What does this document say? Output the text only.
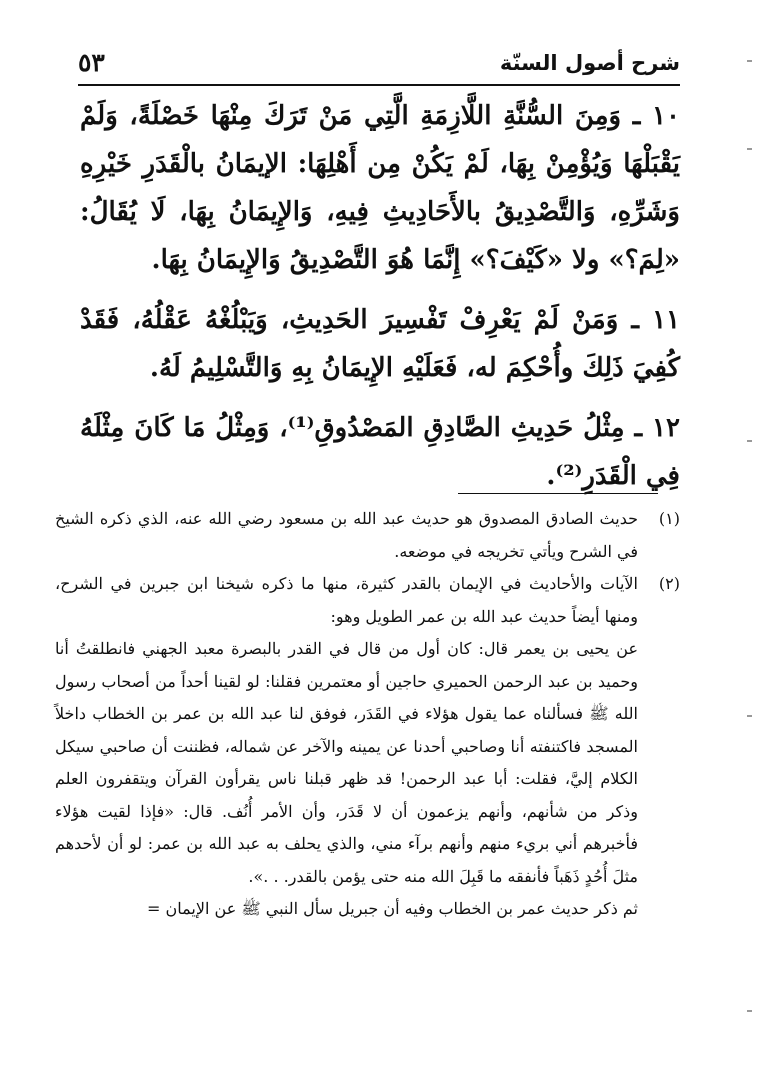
شرح أصول السنّة
٥٣

١٠ ـ وَمِنَ السُّنَّةِ اللَّازِمَةِ الَّتِي مَنْ تَرَكَ مِنْهَا خَصْلَةً، وَلَمْ يَقْبَلْهَا وَيُؤْمِنْ بِهَا، لَمْ يَكُنْ مِن أَهْلِهَا: الإيمَانُ بالْقَدَرِ خَيْرِهِ وَشَرِّهِ، وَالتَّصْدِيقُ بالأَحَادِيثِ فِيهِ، وَالإِيمَانُ بِهَا، لَا يُقَالُ: «لِمَ؟» ولا «كَيْفَ؟» إِنَّمَا هُوَ التَّصْدِيقُ وَالإِيمَانُ بِهَا.

١١ ـ وَمَنْ لَمْ يَعْرِفْ تَفْسِيرَ الحَدِيثِ، وَيَبْلُغْهُ عَقْلُهُ، فَقَدْ كُفِيَ ذَلِكَ وأُحْكِمَ له، فَعَلَيْهِ الإِيمَانُ بِهِ وَالتَّسْلِيمُ لَهُ.

١٢ ـ مِثْلُ حَدِيثِ الصَّادِقِ المَصْدُوقِ⁽¹⁾، وَمِثْلُ مَا كَانَ مِثْلَهُ فِي الْقَدَرِ⁽²⁾.

(١)

حديث الصادق المصدوق هو حديث عبد الله بن مسعود رضي الله عنه، الذي ذكره الشيخ في الشرح ويأتي تخريجه في موضعه.

(٢)

الآيات والأحاديث في الإيمان بالقدر كثيرة، منها ما ذكره شيخنا ابن جبرين في الشرح، ومنها أيضاً حديث عبد الله بن عمر الطويل وهو:

عن يحيى بن يعمر قال: كان أول من قال في القدر بالبصرة معبد الجهني فانطلقتُ أنا وحميد بن عبد الرحمن الحميري حاجين أو معتمرين فقلنا: لو لقينا أحداً من أصحاب رسول الله ﷺ فسألناه عما يقول هؤلاء في القَدَر، فوفق لنا عبد الله بن عمر بن الخطاب داخلاً المسجد فاكتنفته أنا وصاحبي أحدنا عن يمينه والآخر عن شماله، فظننت أن صاحبي سيكل الكلام إليَّ، فقلت: أبا عبد الرحمن! قد ظهر قبلنا ناس يقرأون القرآن ويتقفرون العلم وذكر من شأنهم، وأنهم يزعمون أن لا قَدَر، وأن الأمر أُنُف. قال: «فإذا لقيت هؤلاء فأخبرهم أني بريء منهم وأنهم برآء مني، والذي يحلف به عبد الله بن عمر: لو أن لأحدهم مثلَ أُحُدٍ ذَهَباً فأنفقه ما قَبِلَ الله منه حتى يؤمن بالقدر. . .».

ثم ذكر حديث عمر بن الخطاب وفيه أن جبريل سأل النبي ﷺ عن الإيمان =
